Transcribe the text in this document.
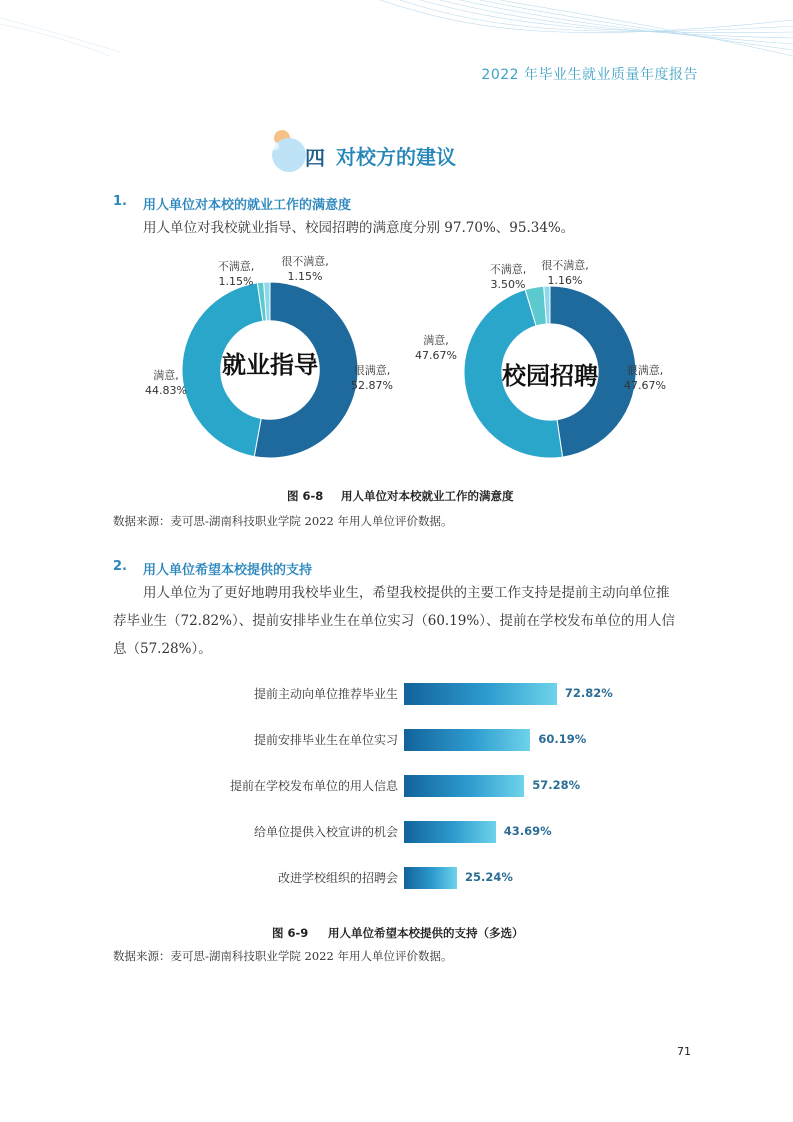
2022 年毕业生就业质量年度报告
四 对校方的建议
1. 用人单位对本校的就业工作的满意度
用人单位对我校就业指导、校园招聘的满意度分别 97.70%、95.34%。
就业指导	很满意,
52.87%
满意,
44.83%
不满意,
1.15%
很不满意,
1.15%
校园招聘	很满意,
47.67%
满意,
47.67%
不满意,
3.50%
很不满意,
1.16%
图 6-8 用人单位对本校就业工作的满意度
数据来源：麦可思-湖南科技职业学院 2022 年用人单位评价数据。
2. 用人单位希望本校提供的支持
用人单位为了更好地聘用我校毕业生，希望我校提供的主要工作支持是提前主动向单位推
荐毕业生（72.82%）、提前安排毕业生在单位实习（60.19%）、提前在学校发布单位的用人信
息（57.28%）。
提前主动向单位推荐毕业生	72.82%
提前安排毕业生在单位实习	60.19%
提前在学校发布单位的用人信息	57.28%
给单位提供入校宣讲的机会	43.69%
改进学校组织的招聘会	25.24%
图 6-9 用人单位希望本校提供的支持（多选）
数据来源：麦可思-湖南科技职业学院 2022 年用人单位评价数据。
71
